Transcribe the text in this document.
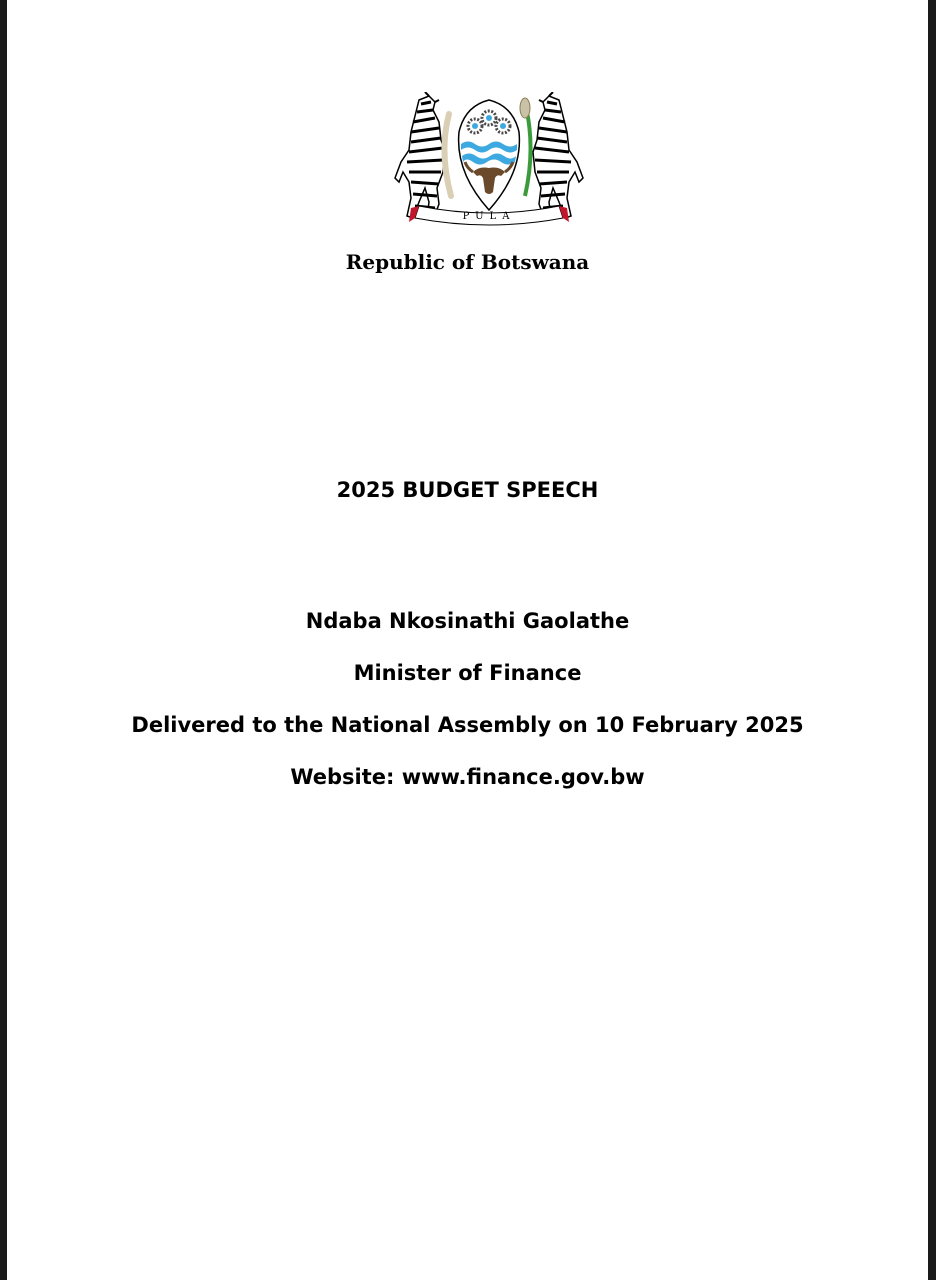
PULA
Republic of Botswana
2025 BUDGET SPEECH
Ndaba Nkosinathi Gaolathe
Minister of Finance
Delivered to the National Assembly on 10 February 2025
Website: www.finance.gov.bw
